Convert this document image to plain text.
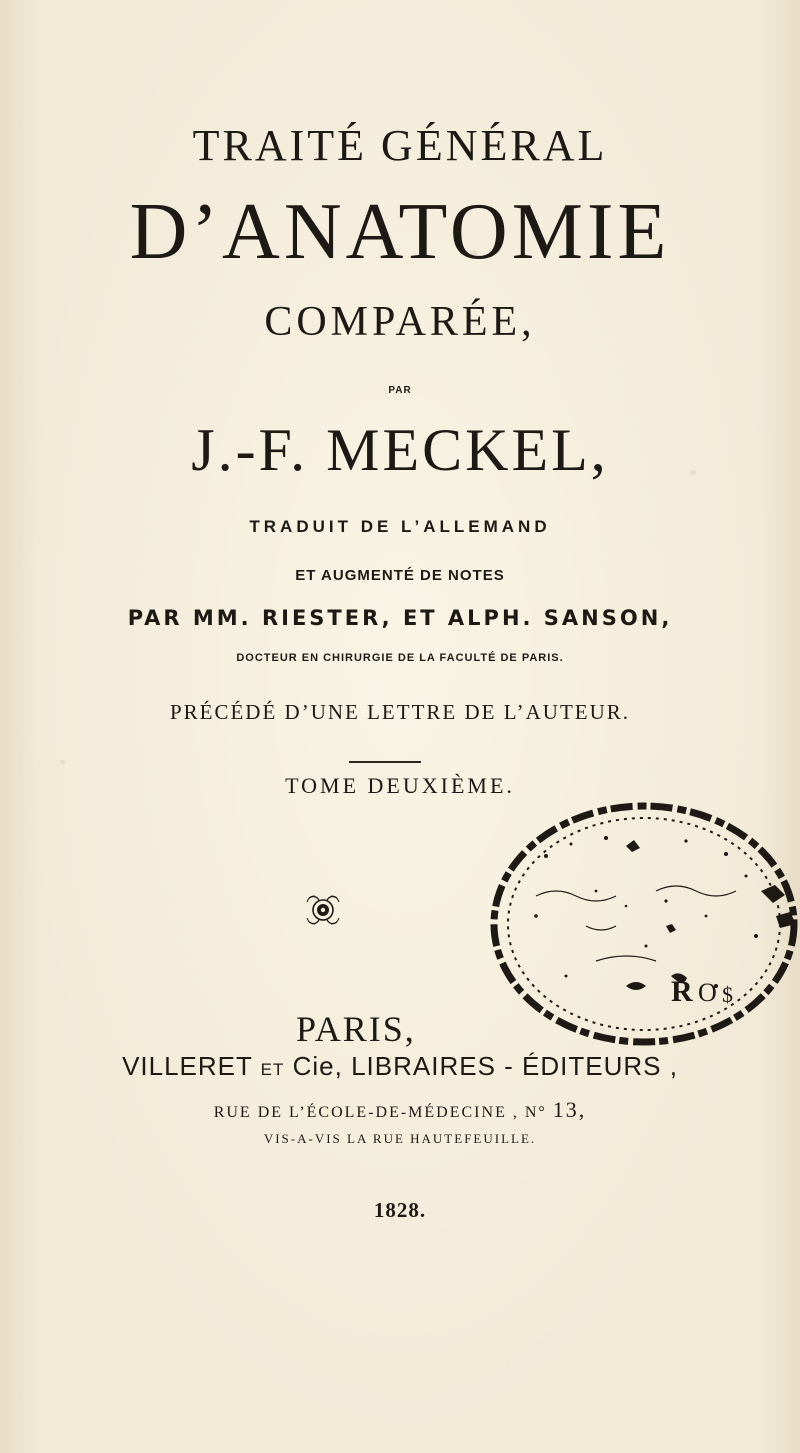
TRAITÉ GÉNÉRAL
D’ANATOMIE
COMPARÉE,
PAR
J.-F. MECKEL,
TRADUIT DE L’ALLEMAND
ET AUGMENTÉ DE NOTES
PAR MM. RIESTER, ET ALPH. SANSON,
DOCTEUR EN CHIRURGIE DE LA FACULTÉ DE PARIS.
PRÉCÉDÉ D’UNE LETTRE DE L’AUTEUR.
TOME DEUXIÈME.
R O $
PARIS,
VILLERET ET Cie, LIBRAIRES - ÉDITEURS ,
RUE DE L’ÉCOLE-DE-MÉDECINE , N° 13,
VIS-A-VIS LA RUE HAUTEFEUILLE.
1828.
